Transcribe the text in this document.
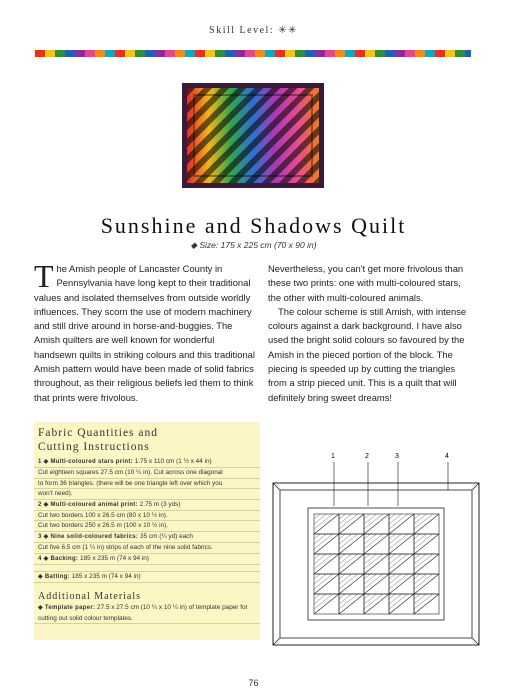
Skill Level: ✳✳
Sunshine and Shadows Quilt
◆ Size: 175 x 225 cm (70 x 90 in)

The Amish people of Lancaster County in Pennsylvania have long kept to their traditional values and isolated themselves from outside worldly influences. They scorn the use of modern machinery and still drive around in horse-and-buggies. The Amish quilters are well known for wonderful handsewn quilts in striking colours and this traditional Amish pattern would have been made of solid fabrics throughout, as their religious beliefs led them to think that prints were frivolous.

Nevertheless, you can't get more frivolous than these two prints: one with multi-coloured stars, the other with multi-coloured animals.

The colour scheme is still Amish, with intense colours against a dark background. I have also used the bright solid colours so favoured by the Amish in the pieced portion of the block. The piecing is speeded up by cutting the triangles from a strip pieced unit. This is a quilt that will definitely bring sweet dreams!

Fabric Quantities and
Cutting Instructions
1 ◆ Multi-coloured stars print: 1.75 x 110 cm (1 ½ x 44 in)
Cut eighteen squares 27.5 cm (10 ¼ in). Cut across one diagonal
to form 36 triangles. (there will be one triangle left over which you
won't need).
2 ◆ Multi-coloured animal print: 2.75 m (3 yds)
Cut two borders 100 x 26.5 cm (80 x 10 ½ in).
Cut two borders 250 x 26.5 m (100 x 10 ½ in).
3 ◆ Nine solid-coloured fabrics: 35 cm (¼ yd) each
Cut five 6.5 cm (1 ¼ in) strips of each of the nine solid fabrics.
4 ◆ Backing: 185 x 235 m (74 x 94 in)
◆ Batting: 185 x 235 m (74 x 94 in)
Additional Materials
◆ Template paper: 27.5 x 27.5 cm (10 ¼ x 10 ¼ in) of template paper for cutting out solid colour templates.
1	2	3	4
76
